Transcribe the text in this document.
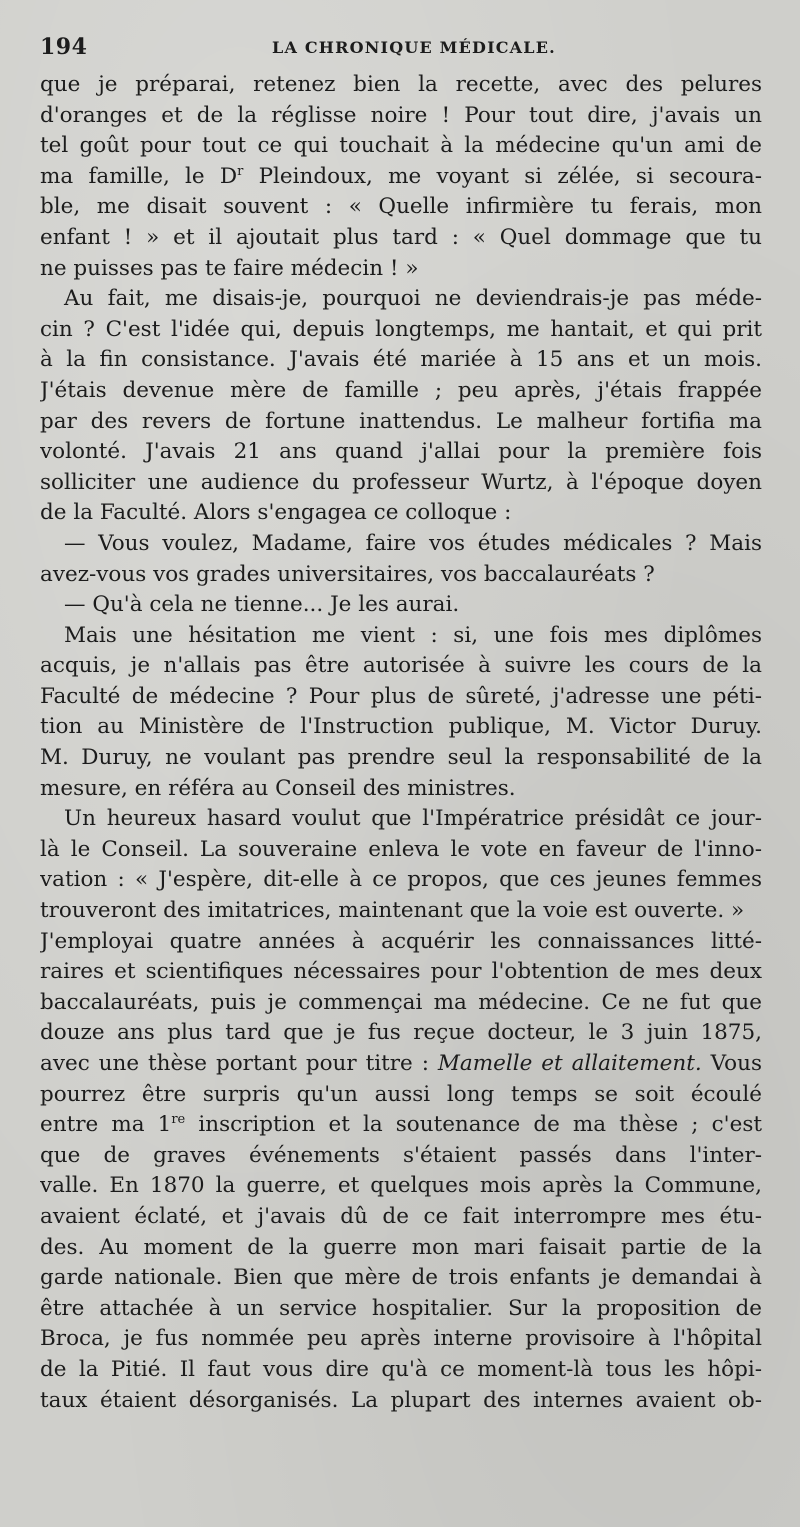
194	LA CHRONIQUE MÉDICALE.
que je préparai, retenez bien la recette, avec des pelures
d'oranges et de la réglisse noire ! Pour tout dire, j'avais un
tel goût pour tout ce qui touchait à la médecine qu'un ami de
ma famille, le $D^r$ Pleindoux, me voyant si zélée, si secoura-
ble, me disait souvent : « Quelle infirmière tu ferais, mon
enfant ! » et il ajoutait plus tard : « Quel dommage que tu
ne puisses pas te faire médecin ! »
Au fait, me disais-je, pourquoi ne deviendrais-je pas méde-
cin ? C'est l'idée qui, depuis longtemps, me hantait, et qui prit
à la fin consistance. J'avais été mariée à 15 ans et un mois.
J'étais devenue mère de famille ; peu après, j'étais frappée
par des revers de fortune inattendus. Le malheur fortifia ma
volonté. J'avais 21 ans quand j'allai pour la première fois
solliciter une audience du professeur Wurtz, à l'époque doyen
de la Faculté. Alors s'engagea ce colloque :
— Vous voulez, Madame, faire vos études médicales ? Mais
avez-vous vos grades universitaires, vos baccalauréats ?
— Qu'à cela ne tienne... Je les aurai.
Mais une hésitation me vient : si, une fois mes diplômes
acquis, je n'allais pas être autorisée à suivre les cours de la
Faculté de médecine ? Pour plus de sûreté, j'adresse une péti-
tion au Ministère de l'Instruction publique, M. Victor Duruy.
M. Duruy, ne voulant pas prendre seul la responsabilité de la
mesure, en référa au Conseil des ministres.
Un heureux hasard voulut que l'Impératrice présidât ce jour-
là le Conseil. La souveraine enleva le vote en faveur de l'inno-
vation : « J'espère, dit-elle à ce propos, que ces jeunes femmes
trouveront des imitatrices, maintenant que la voie est ouverte. »
J'employai quatre années à acquérir les connaissances litté-
raires et scientifiques nécessaires pour l'obtention de mes deux
baccalauréats, puis je commençai ma médecine. Ce ne fut que
douze ans plus tard que je fus reçue docteur, le 3 juin 1875,
avec une thèse portant pour titre : Mamelle et allaitement. Vous
pourrez être surpris qu'un aussi long temps se soit écoulé
entre ma 1re inscription et la soutenance de ma thèse ; c'est
que de graves événements s'étaient passés dans l'inter-
valle. En 1870 la guerre, et quelques mois après la Commune,
avaient éclaté, et j'avais dû de ce fait interrompre mes étu-
des. Au moment de la guerre mon mari faisait partie de la
garde nationale. Bien que mère de trois enfants je demandai à
être attachée à un service hospitalier. Sur la proposition de
Broca, je fus nommée peu après interne provisoire à l'hôpital
de la Pitié. Il faut vous dire qu'à ce moment-là tous les hôpi-
taux étaient désorganisés. La plupart des internes avaient ob-
